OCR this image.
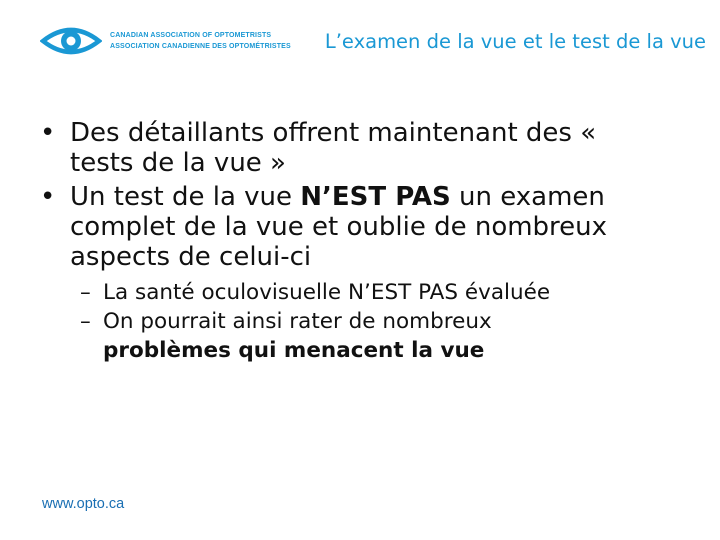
CANADIAN ASSOCIATION OF OPTOMETRISTS
ASSOCIATION CANADIENNE DES OPTOMÉTRISTES L’examen de la vue et le test de la vue
• Des détaillants offrent maintenant des « tests de la vue »
• Un test de la vue N’EST PAS un examen complet de la vue et oublie de nombreux aspects de celui-ci
– La santé oculovisuelle N’EST PAS évaluée
– On pourrait ainsi rater de nombreux problèmes qui menacent la vue
www.opto.ca
